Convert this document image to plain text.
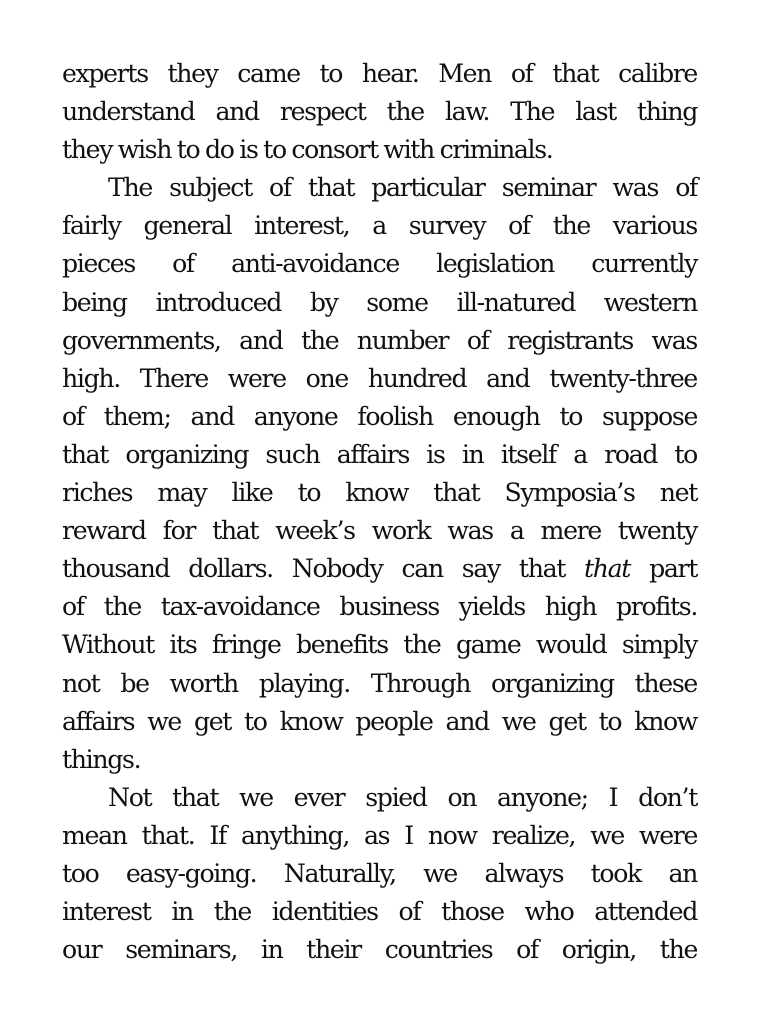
experts they came to hear. Men of that calibre
understand and respect the law. The last thing
they wish to do is to consort with criminals.
The subject of that particular seminar was of
fairly general interest, a survey of the various
pieces of anti-avoidance legislation currently
being introduced by some ill-natured western
governments, and the number of registrants was
high. There were one hundred and twenty-three
of them; and anyone foolish enough to suppose
that organizing such affairs is in itself a road to
riches may like to know that Symposia’s net
reward for that week’s work was a mere twenty
thousand dollars. Nobody can say that that part
of the tax-avoidance business yields high profits.
Without its fringe benefits the game would simply
not be worth playing. Through organizing these
affairs we get to know people and we get to know
things.
Not that we ever spied on anyone; I don’t
mean that. If anything, as I now realize, we were
too easy-going. Naturally, we always took an
interest in the identities of those who attended
our seminars, in their countries of origin, the
